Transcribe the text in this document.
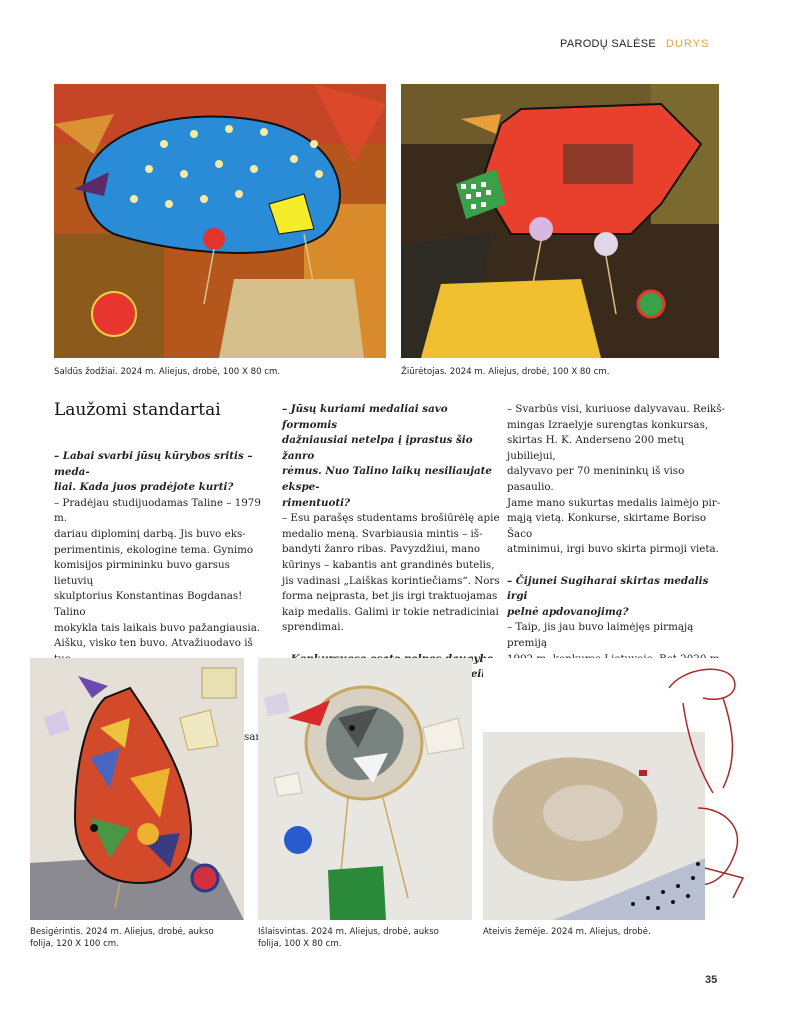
PARODŲ SALĖSE DURYS
Saldūs žodžiai. 2024 m. Aliejus, drobė, 100 X 80 cm.	Žiūrėtojas. 2024 m. Aliejus, drobė, 100 X 80 cm.
Laužomi standartai

– Labai svarbi jūsų kūrybos sritis – meda-

liai. Kada juos pradėjote kurti?

– Pradėjau studijuodamas Taline – 1979 m.

dariau diplominį darbą. Jis buvo eks-

perimentinis, ekologine tema. Gynimo

komisijos pirmininku buvo garsus lietuvių

skulptorius Konstantinas Bogdanas! Talino

mokykla tais laikais buvo pažangiausia.

Aišku, visko ten buvo. Atvažiuodavo iš

visame

– Jūsų kuriami medaliai savo formomis

dažniausiai netelpa į įprastus šio žanro

rėmus. Nuo Talino laikų nesiliaujate ekspe-

rimentuoti?

– Esu parašęs studentams brošiūrėlę apie

medalio meną. Svarbiausia mintis – iš-

bandyti žanro ribas. Pavyzdžiui, mano

kūrinys – kabantis ant grandinės butelis,

jis vadinasi „Laiškas korintiečiams“. Nors

forma neįprasta, bet jis irgi traktuojamas

kaip medalis. Galimi ir tokie netradiciniai

sprendimai.

reikš-

– Svarbūs visi, kuriuose dalyvavau. Reikš-

mingas Izraelyje surengtas konkursas,

skirtas H. K. Anderseno 200 metų jubiliejui,

dalyvavo per 70 menininkų iš viso pasaulio.

Jame mano sukurtas medalis laimėjo pir-

mąją vietą. Konkurse, skirtame Boriso Šaco

atminimui, irgi buvo skirta pirmoji vieta.

– Čijunei Sugiharai skirtas medalis irgi

pelnė apdovanojimą?

– Taip, jis jau buvo laimėjęs pirmąją premiją

Besigėrintis. 2024 m. Aliejus, drobė, aukso
folija, 120 X 100 cm.
Išlaisvintas. 2024 m. Aliejus, drobė, aukso
folija, 100 X 80 cm.
Ateivis žemėje. 2024 m. Aliejus, drobė.
35
